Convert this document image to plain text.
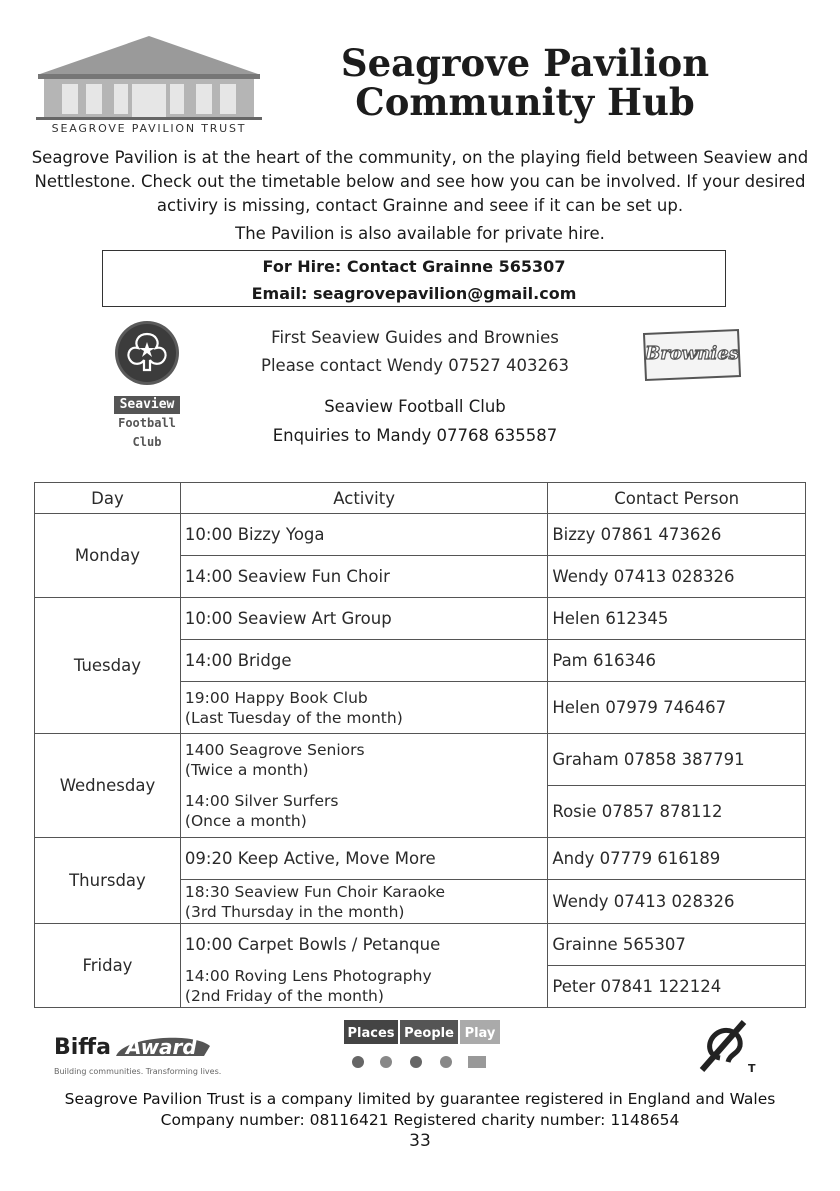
SEAGROVE PAVILION TRUST
Seagrove Pavilion
Community Hub

Seagrove Pavilion is at the heart of the community, on the playing field between Seaview and Nettlestone. Check out the timetable below and see how you can be involved. If your desired activiry is missing, contact Grainne and seee if it can be set up.

The Pavilion is also available for private hire.

For Hire: Contact Grainne 565307
Email: seagrovepavilion@gmail.com
First Seaview Guides and Brownies
Please contact Wendy 07527 403263
Brownies
Seaview
Football
Club
Seaview Football Club
Enquiries to Mandy 07768 635587
Day	Activity	Contact Person
Monday	10:00 Bizzy Yoga	Bizzy 07861 473626
	14:00 Seaview Fun Choir	Wendy 07413 028326
Tuesday	10:00 Seaview Art Group	Helen 612345
	14:00 Bridge	Pam 616346

	19:00 Happy Book Club
(Last Tuesday of the month)	Helen 07979 746467
Wednesday	1400 Seagrove Seniors
(Twice a month)	Graham 07858 387791

	14:00 Silver Surfers
(Once a month)	Rosie 07857 878112
Thursday	09:20 Keep Active, Move More	Andy 07779 616189

	18:30 Seaview Fun Choir Karaoke
(3rd Thursday in the month)	Wendy 07413 028326
Friday	10:00 Carpet Bowls / Petanque	Grainne 565307

	14:00 Roving Lens Photography
(2nd Friday of the month)	Peter 07841 122124
Biffa Award
Building communities. Transforming lives.
Places People Play
T
Seagrove Pavilion Trust is a company limited by guarantee registered in England and Wales
Company number: 08116421 Registered charity number: 1148654
33
